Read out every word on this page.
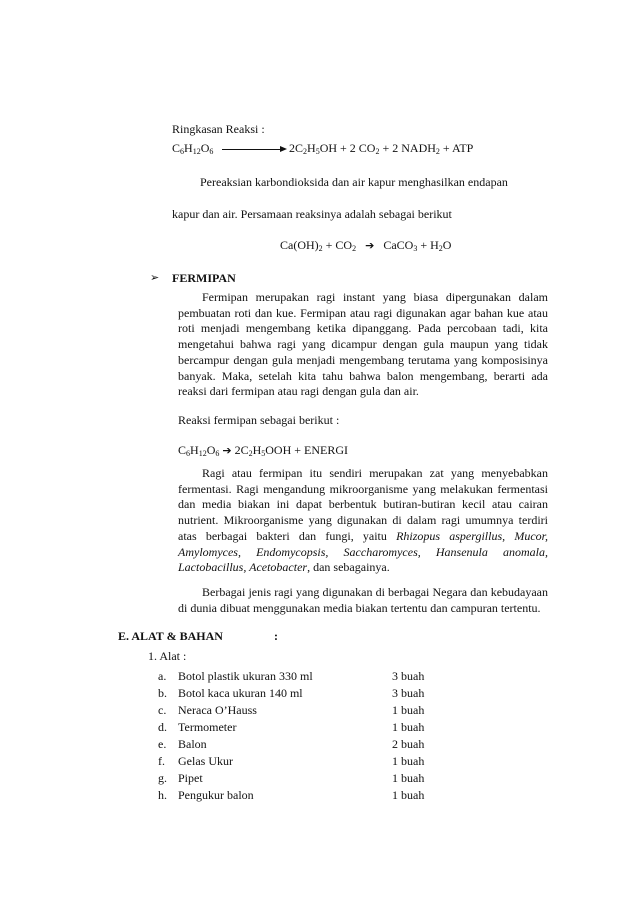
Ringkasan Reaksi :
$C_6H_{12}O_6$	$2C_2H_5OH + 2$ $CO_2 + 2$ $NADH_2$ + ATP
Pereaksian karbondioksida dan air kapur menghasilkan endapan
kapur dan air. Persamaan reaksinya adalah sebagai berikut
$Ca(OH)_2 + CO_2$ ➔   CaCO$_3$ + $H_2O$
➢ FERMIPAN
Fermipan merupakan ragi instant yang biasa dipergunakan dalam pembuatan roti dan kue. Fermipan atau ragi digunakan agar bahan kue atau roti menjadi mengembang ketika dipanggang. Pada percobaan tadi, kita mengetahui bahwa ragi yang dicampur dengan gula maupun yang tidak bercampur dengan gula menjadi mengembang terutama yang komposisinya banyak. Maka, setelah kita tahu bahwa balon mengembang, berarti ada reaksi dari fermipan atau ragi dengan gula dan air.
Reaksi fermipan sebagai berikut :
$C_6H_{12}O_6$ ➔ $2C_2H_5OOH$ + ENERGI
Ragi atau fermipan itu sendiri merupakan zat yang menyebabkan fermentasi. Ragi mengandung mikroorganisme yang melakukan fermentasi dan media biakan ini dapat berbentuk butiran-butiran kecil atau cairan nutrient. Mikroorganisme yang digunakan di dalam ragi umumnya terdiri atas berbagai bakteri dan fungi, yaitu Rhizopus aspergillus, Mucor, Amylomyces, Endomycopsis, Saccharomyces, Hansenula anomala, Lactobacillus, Acetobacter, dan sebagainya.
Berbagai jenis ragi yang digunakan di berbagai Negara dan kebudayaan di dunia dibuat menggunakan media biakan tertentu dan campuran tertentu.
E. ALAT & BAHAN	:
1. Alat :
a. Botol plastik ukuran 330 ml	3 buah
b. Botol kaca ukuran 140 ml	3 buah
c. Neraca O’Hauss	1 buah
d. Termometer	1 buah
e. Balon	2 buah
f. Gelas Ukur	1 buah
g. Pipet	1 buah
h. Pengukur balon	1 buah
